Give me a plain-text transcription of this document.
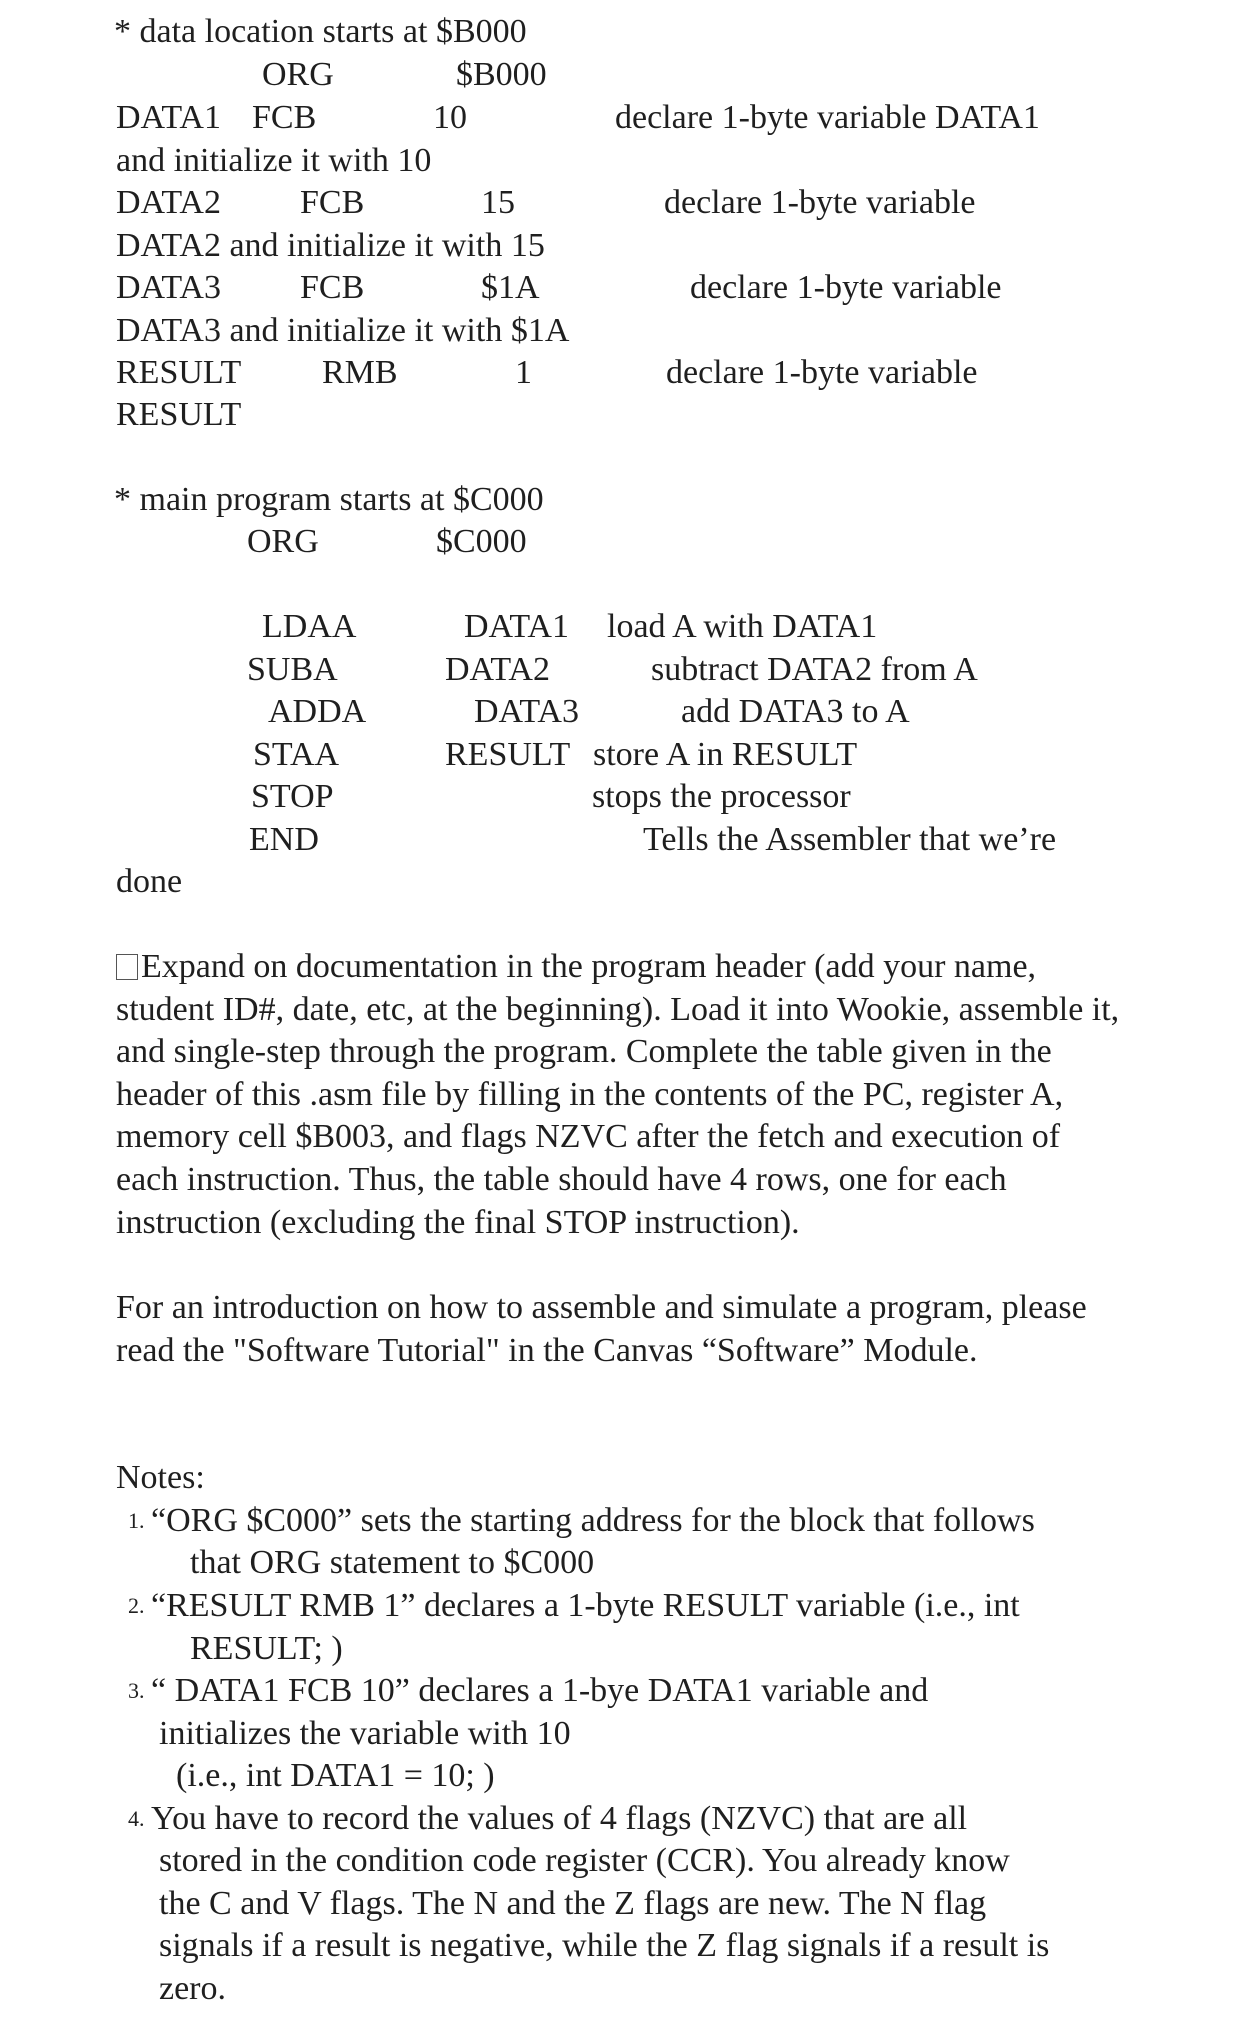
* data location starts at $B000
ORG	$B000
DATA1 FCB	10	declare 1-byte variable DATA1
and initialize it with 10
DATA2 FCB	15	declare 1-byte variable
DATA2 and initialize it with 15
DATA3 FCB	$1A	declare 1-byte variable
DATA3 and initialize it with $1A
RESULT RMB	1	declare 1-byte variable
RESULT
* main program starts at $C000
ORG	$C000
LDAA	DATA1 load A with DATA1
SUBA	DATA2	subtract DATA2 from A
ADDA	DATA3	add DATA3 to A
STAA	RESULT store A in RESULT
STOP	stops the processor
END	Tells the Assembler that we’re
done
Expand on documentation in the program header (add your name, student ID#, date, etc, at the beginning). Load it into Wookie, assemble it, and single-step through the program. Complete the table given in the header of this .asm file by filling in the contents of the PC, register A, memory cell $B003, and flags NZVC after the fetch and execution of each instruction. Thus, the table should have 4 rows, one for each instruction (excluding the final STOP instruction).
For an introduction on how to assemble and simulate a program, please read the "Software Tutorial" in the Canvas “Software” Module.
Notes:
1. “ORG $C000” sets the starting address for the block that follows
that ORG statement to $C000
2. “RESULT RMB 1” declares a 1-byte RESULT variable (i.e., int
RESULT; )
3. “ DATA1 FCB 10” declares a 1-bye DATA1 variable and
initializes the variable with 10
(i.e., int DATA1 = 10; )
4. You have to record the values of 4 flags (NZVC) that are all
stored in the condition code register (CCR). You already know
the C and V flags. The N and the Z flags are new. The N flag
signals if a result is negative, while the Z flag signals if a result is
zero.
